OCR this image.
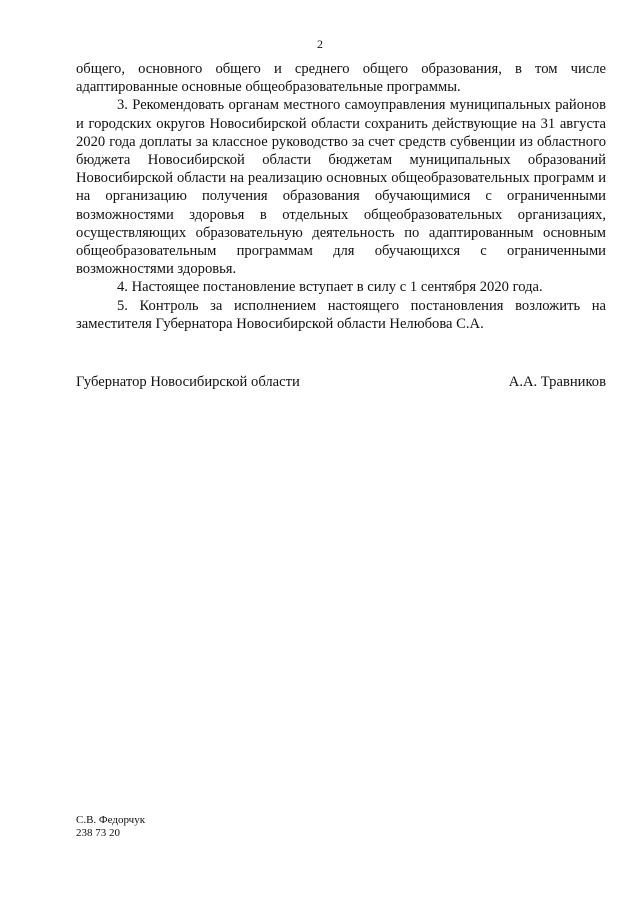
2

общего, основного общего и среднего общего образования, в том числе адаптированные основные общеобразовательные программы.

3. Рекомендовать органам местного самоуправления муниципальных районов и городских округов Новосибирской области сохранить действующие на 31 августа 2020 года доплаты за классное руководство за счет средств субвенции из областного бюджета Новосибирской области бюджетам муниципальных образований Новосибирской области на реализацию основных общеобразовательных программ и на организацию получения образования обучающимися с ограниченными возможностями здоровья в отдельных общеобразовательных организациях, осуществляющих образовательную деятельность по адаптированным основным общеобразовательным программам для обучающихся с ограниченными возможностями здоровья.

4. Настоящее постановление вступает в силу с 1 сентября 2020 года.

5. Контроль за исполнением настоящего постановления возложить на заместителя Губернатора Новосибирской области Нелюбова С.А.

Губернатор Новосибирской области	А.А. Травников
С.В. Федорчук
238 73 20
